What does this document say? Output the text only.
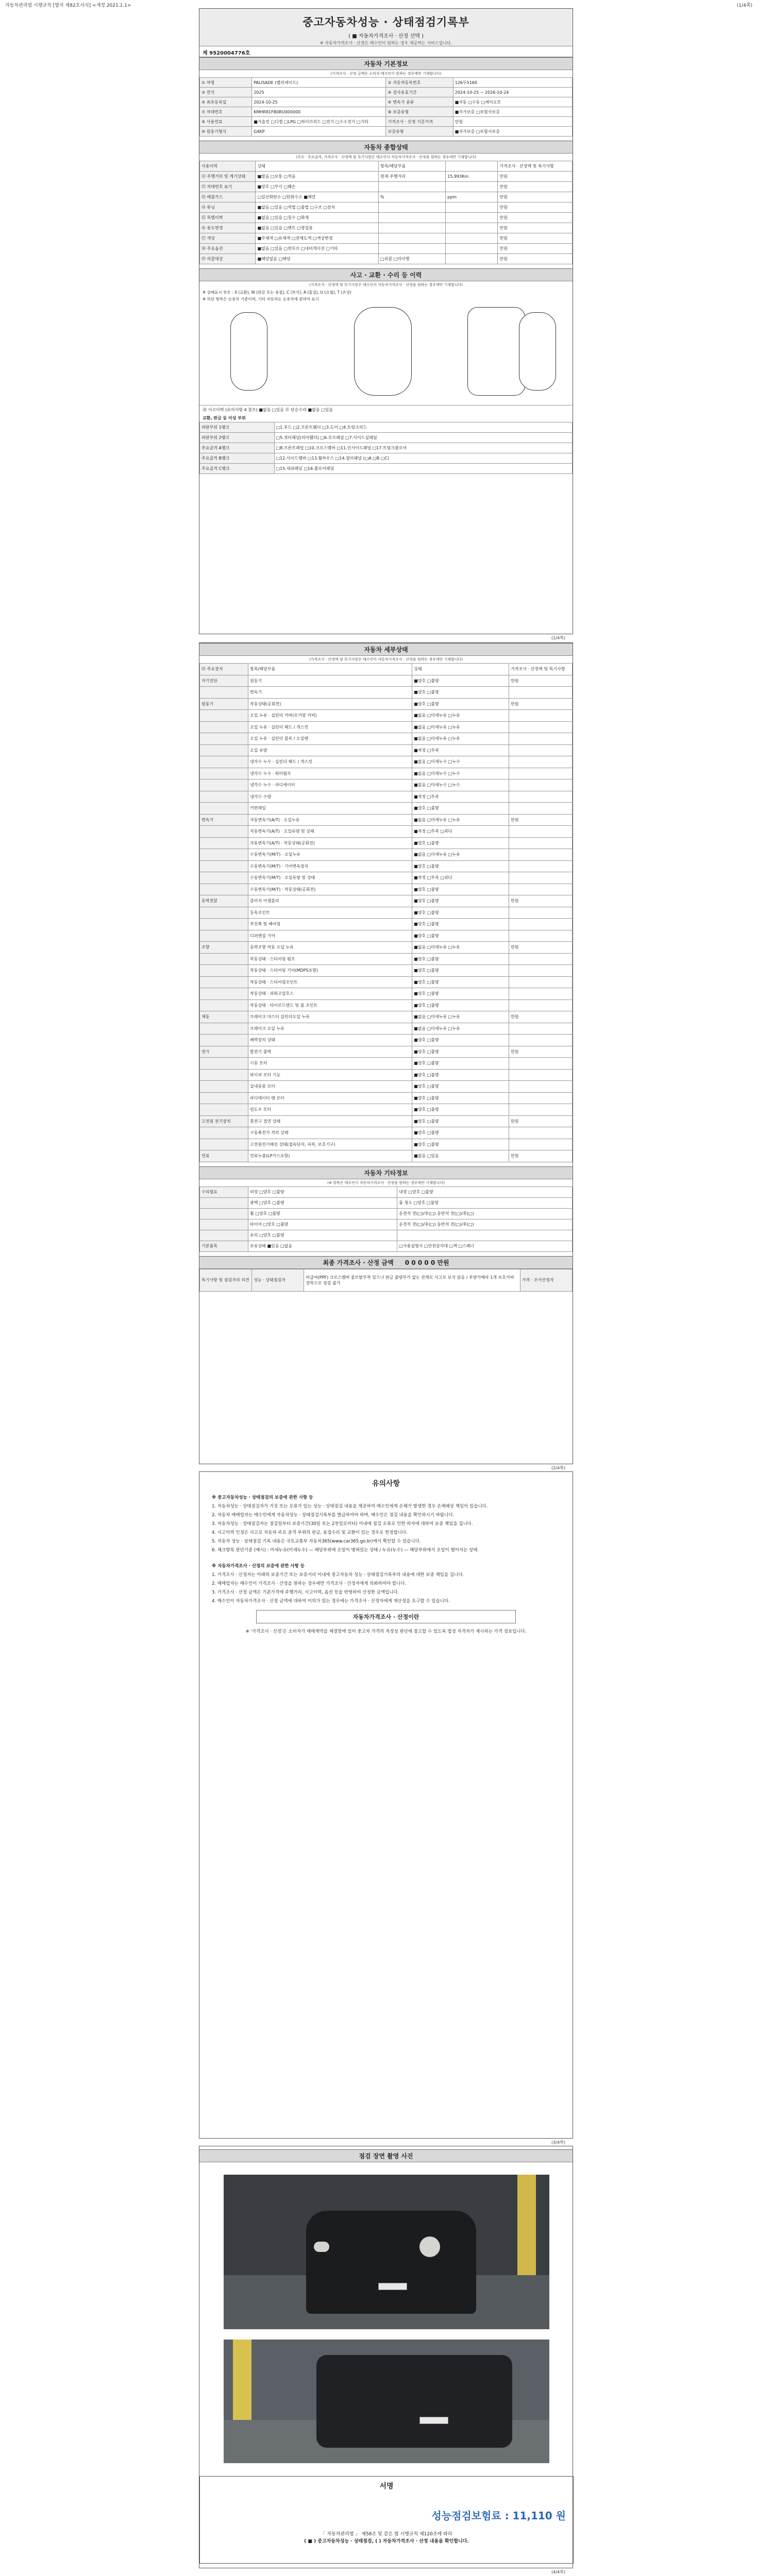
자동차관리법 시행규칙 [별지 제82호서식] <개정 2021.1.1>	(1/4쪽)
중고자동차성능 · 상태점검기록부
( ■ 자동차가격조사 · 산정 선택 )
※ 자동차가격조사 · 산정은 매수인이 원하는 경우 제공하는 서비스입니다.
제 9520004776호
자동차 기본정보
(가격조사 · 산정 금액은 소비자 매수인이 원하는 경우에만 기재합니다)
① 차명	PALISADE (팰리세이드)	② 자동차등록번호	126두5160
③ 연식	2025	④ 검사유효기간	2024-10-25 ~ 2026-10-24
⑤ 최초등록일	2024-10-25	⑥ 변속기 종류	■자동 □수동 □세미오토
⑦ 차대번호	KMHR81FB0RU000000	⑧ 보증유형	■자가보증 □보험사보증
⑨ 사용연료	■가솔린 □디젤 □LPG □하이브리드 □전기 □수소전기 □기타	가격조사 · 산정 기준가격	만원
⑩ 원동기형식	G4KP	보증유형	■자가보증 □보험사보증
자동차 종합상태
(주요 · 주요골격, 가격조사 · 산정액 및 특기사항은 매수인이 자동차가격조사 · 산정을 원하는 경우에만 기재합니다)
사용이력	상태	항목/해당부품		가격조사 · 산정액 및 특기사항
⑪ 주행거리 및 계기상태	■많음 □보통 □적음	현재 주행거리	15,993Km	만원
⑫ 차대번호 표기	■양호 □부식 □훼손			만원
⑬ 배출가스	□일산화탄소 □탄화수소 ■매연	%	ppm	만원
⑭ 튜닝	■없음 □있음 □적법 □불법 □구조 □장치			만원
⑮ 특별이력	■없음 □있음 □침수 □화재			만원
⑯ 용도변경	■없음 □있음 □렌트 □영업용			만원
⑰ 색상	■무채색 □유채색 □전체도색 □색상변경			만원
⑱ 주요옵션	■없음 □있음 □썬루프 □네비게이션 □기타			만원
⑲ 리콜대상	■해당없음 □해당	□리콜 □미이행		만원
사고 · 교환 · 수리 등 이력
(가격조사 · 산정액 및 특기사항은 매수인이 자동차가격조사 · 산정을 원하는 경우에만 기재합니다)
※ 상태표시 부호 : X (교환), W (판금 또는 용접), C (부식), A (흠집), U (요철), T (손상)
※ 하단 항목은 승용차 기준이며, 기타 자동차는 승용차에 준하여 표시
⑳ 사고이력 (유의사항 4 참조) ■없음 □있음 ㉑ 단순수리 ■없음 □있음
교환, 판금 등 이상 부위
외판부위 1랭크	□1.후드 □2.프론트휀더 □3.도어 □4.트렁크리드
외판부위 2랭크	□5.쿼터패널(리어휀더) □6.루프패널 □7.사이드실패널
주요골격 A랭크	□8.프론트패널 □10.크로스멤버 □11.인사이드패널 □17.트렁크플로어
주요골격 B랭크	□12.사이드멤버 □13.휠하우스 □14.필러패널 (□A □B □C)
주요골격 C랭크	□15.대쉬패널 □16.플로어패널
자동차 세부상태
(가격조사 · 산정액 및 특기사항은 매수인이 자동차가격조사 · 산정을 원하는 경우에만 기재합니다)
㉒ 주요장치	항목/해당부품	상태	가격조사 · 산정액 및 특기사항
자기진단	원동기	■양호 □불량	만원
	변속기	■양호 □불량	
원동기	작동상태(공회전)	■양호 □불량	만원
	오일 누유 · 실린더 커버(로커암 커버)	■없음 □미세누유 □누유	
	오일 누유 · 실린더 헤드 / 개스킷	■없음 □미세누유 □누유	
	오일 누유 · 실린더 블록 / 오일팬	■없음 □미세누유 □누유	
	오일 유량	■적정 □부족	
	냉각수 누수 · 실린더 헤드 / 개스킷	■없음 □미세누수 □누수	
	냉각수 누수 · 워터펌프	■없음 □미세누수 □누수	
	냉각수 누수 · 라디에이터	■없음 □미세누수 □누수	
	냉각수 수량	■적정 □부족	
	커먼레일	■양호 □불량	
변속기	자동변속기(A/T) · 오일누유	■없음 □미세누유 □누유	만원
	자동변속기(A/T) · 오일유량 및 상태	■적정 □부족 □과다	
	자동변속기(A/T) · 작동상태(공회전)	■양호 □불량	
	수동변속기(M/T) · 오일누유	■없음 □미세누유 □누유	
	수동변속기(M/T) · 기어변속장치	■양호 □불량	
	수동변속기(M/T) · 오일유량 및 상태	■적정 □부족 □과다	
	수동변속기(M/T) · 작동상태(공회전)	■양호 □불량	
동력전달	클러치 어셈블리	■양호 □불량	만원
	등속조인트	■양호 □불량	
	추진축 및 베어링	■양호 □불량	
	디퍼렌셜 기어	■양호 □불량	
조향	동력조향 작동 오일 누유	■없음 □미세누유 □누유	만원
	작동상태 · 스티어링 펌프	■양호 □불량	
	작동상태 · 스티어링 기어(MDPS포함)	■양호 □불량	
	작동상태 · 스티어링조인트	■양호 □불량	
	작동상태 · 파워고압호스	■양호 □불량	
	작동상태 · 타이로드엔드 및 볼 조인트	■양호 □불량	
제동	브레이크 마스터 실린더오일 누유	■없음 □미세누유 □누유	만원
	브레이크 오일 누유	■없음 □미세누유 □누유	
	배력장치 상태	■양호 □불량	
전기	발전기 출력	■양호 □불량	만원
	시동 모터	■양호 □불량	
	와이퍼 모터 기능	■양호 □불량	
	실내송풍 모터	■양호 □불량	
	라디에이터 팬 모터	■양호 □불량	
	윈도우 모터	■양호 □불량	
고전원 전기장치	충전구 절연 상태	■양호 □불량	만원
	구동축전지 격리 상태	■양호 □불량	
	고전원전기배선 상태(접속단자, 피복, 보호기구)	■양호 □불량	
연료	연료누출(LP가스포함)	■없음 □있음	만원
자동차 기타정보
(※ 항목은 매수인이 자동차가격조사 · 산정을 원하는 경우에만 기재합니다)
수리필요	외장 □양호 □불량	내장 □양호 □불량
	광택 □양호 □불량	룸 청소 □양호 □불량
	휠 □양호 □불량	운전석 전(□)/후(□) 동반석 전(□)/후(□)
	타이어 □양호 □불량	운전석 전(□)/후(□) 동반석 전(□)/후(□)
	유리 □양호 □불량	
기본품목	보유상태 ■있음 □없음	□사용설명서 □안전삼각대 □잭 □스패너
최종 가격조사 · 산정 금액 0 0 0 0 0 만원
특기사항 및 점검자의 의견	성능 · 상태점검자	비급여(PPF) 크로스멤버 볼트탈부착 있으나 판금 불량부가 없는 관계로 사고로 보지 않음 / 후방카메라 1개 보호커버 장착으로 점검 불가	가격 · 조사산정자
유의사항
※ 중고자동차성능 · 상태점검의 보증에 관한 사항 등
1. 자동차성능 · 상태점검자가 거짓 또는 오류가 있는 성능 · 상태점검 내용을 제공하여 매수인에게 손해가 발생한 경우 손해배상 책임이 있습니다.
2. 자동차 매매업자는 매수인에게 자동차성능 · 상태점검기록부를 발급하여야 하며, 매수인은 점검 내용을 확인하시기 바랍니다.
3. 자동차성능 · 상태점검자는 점검일부터 보증기간(30일 또는 2천킬로미터) 이내에 점검 오류로 인한 하자에 대하여 보증 책임을 집니다.
4. 사고이력 인정은 사고로 자동차 주요 골격 부위의 판금, 용접수리 및 교환이 있는 경우로 한정합니다.
5. 자동차 성능 · 상태점검 기록 내용은 국토교통부 자동차365(www.car365.go.kr)에서 확인할 수 있습니다.
6. 체크항목 판단기준 (예시) : 미세누유(미세누수) — 해당부위에 오일이 맺혀있는 상태 / 누유(누수) — 해당부위에서 오일이 떨어지는 상태
※ 자동차가격조사 · 산정의 보증에 관한 사항 등
1. 가격조사 · 산정자는 아래의 보증기간 또는 보증거리 이내에 중고자동차 성능 · 상태점검기록부의 내용에 대한 보증 책임을 집니다.
2. 매매업자는 매수인이 가격조사 · 산정을 원하는 경우에만 가격조사 · 산정자에게 의뢰하여야 합니다.
3. 가격조사 · 산정 금액은 기준가격에 주행거리, 사고이력, 옵션 등을 반영하여 산정한 금액입니다.
4. 매수인이 자동차가격조사 · 산정 금액에 대하여 이의가 있는 경우에는 가격조사 · 산정자에게 재산정을 요구할 수 있습니다.
자동차가격조사 · 산정이란
※ '가격조사 · 산정'은 소비자가 매매계약을 체결함에 있어 중고차 가격의 적정성 판단에 참고할 수 있도록 법정 자격자가 제시하는 가격 정보입니다.
점검 장면 촬영 사진
서명
성능점검보험료 : 11,110 원
「 자동차관리법 」 제58조 및 같은 법 시행규칙 제120조에 따라
( ■ ) 중고자동차성능 · 상태점검, ( ) 자동차가격조사 · 산정 내용을 확인합니다.
(1/4쪽)
(2/4쪽)
(3/4쪽)
(4/4쪽)
